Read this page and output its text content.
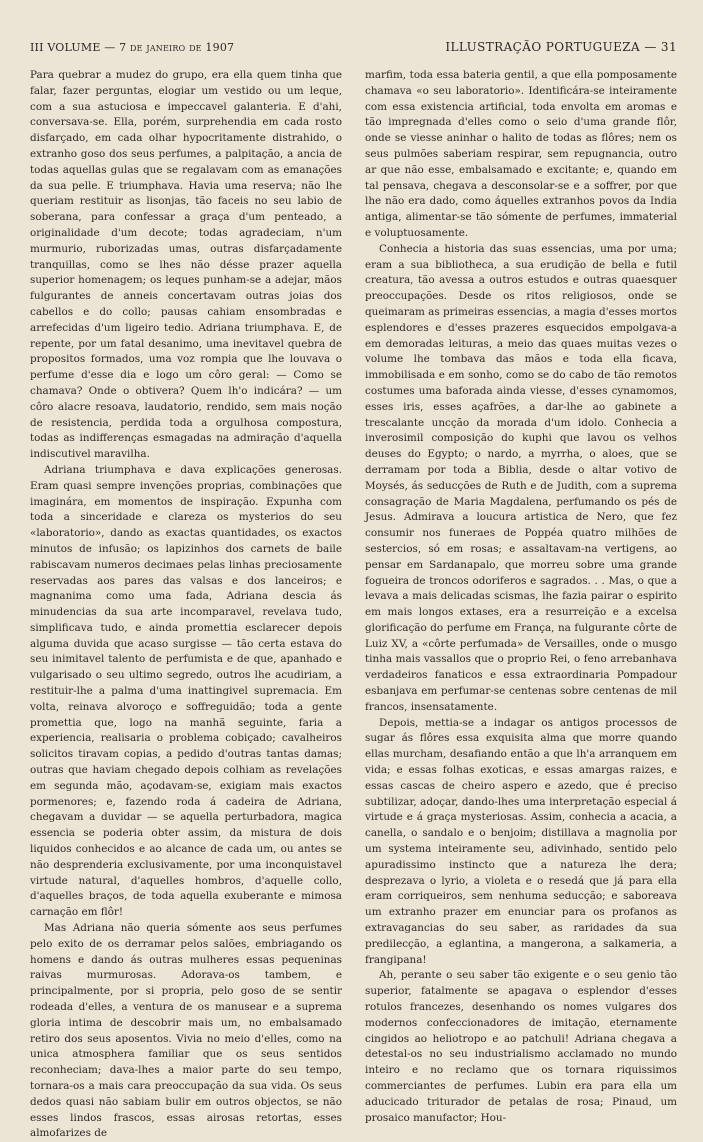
III VOLUME — 7 de janeiro de 1907	ILLUSTRAÇÃO PORTUGUEZA — 31

Para quebrar a mudez do grupo, era ella quem tinha que falar, fazer perguntas, elogiar um vestido ou um leque, com a sua astuciosa e impeccavel galanteria. E d'ahi, conversava-se. Ella, porém, surprehendia em cada rosto disfarçado, em cada olhar hypocritamente distrahido, o extranho goso dos seus perfumes, a palpitação, a ancia de todas aquellas gulas que se regalavam com as emanações da sua pelle. E triumphava. Havia uma reserva; não lhe queriam restituir as lisonjas, tão faceis no seu labio de soberana, para confessar a graça d'um penteado, a originalidade d'um decote; todas agradeciam, n'um murmurio, ruborizadas umas, outras disfarçadamente tranquillas, como se lhes não désse prazer aquella superior homenagem; os leques punham-se a adejar, mãos fulgurantes de anneis concertavam outras joias dos cabellos e do collo; pausas cahiam ensombradas e arrefecidas d'um ligeiro tedio. Adriana triumphava. E, de repente, por um fatal desanimo, uma inevitavel quebra de propositos formados, uma voz rompia que lhe louvava o perfume d'esse dia e logo um côro geral: — Como se chamava? Onde o obtivera? Quem lh'o indicára? — um côro alacre resoava, laudatorio, rendido, sem mais noção de resistencia, perdida toda a orgulhosa compostura, todas as indifferenças esmagadas na admiração d'aquella indiscutivel maravilha.

Adriana triumphava e dava explicações generosas. Eram quasi sempre invenções proprias, combinações que imaginára, em momentos de inspiração. Expunha com toda a sinceridade e clareza os mysterios do seu «laboratorio», dando as exactas quantidades, os exactos minutos de infusão; os lapizinhos dos carnets de baile rabiscavam numeros decimaes pelas linhas preciosamente reservadas aos pares das valsas e dos lanceiros; e magnanima como uma fada, Adriana descia ás minudencias da sua arte incomparavel, revelava tudo, simplificava tudo, e ainda promettia esclarecer depois alguma duvida que acaso surgisse — tão certa estava do seu inimitavel talento de perfumista e de que, apanhado e vulgarisado o seu ultimo segredo, outros lhe acudiriam, a restituir-lhe a palma d'uma inattingivel supremacia. Em volta, reinava alvoroço e soffreguidão; toda a gente promettia que, logo na manhã seguinte, faria a experiencia, realisaria o problema cobiçado; cavalheiros solicitos tiravam copias, a pedido d'outras tantas damas; outras que haviam chegado depois colhiam as revelações em segunda mão, açodavam-se, exigiam mais exactos pormenores; e, fazendo roda á cadeira de Adriana, chegavam a duvidar — se aquella perturbadora, magica essencia se poderia obter assim, da mistura de dois liquidos conhecidos e ao alcance de cada um, ou antes se não desprenderia exclusivamente, por uma inconquistavel virtude natural, d'aquelles hombros, d'aquelle collo, d'aquelles braços, de toda aquella exuberante e mimosa carnação em flôr!

Mas Adriana não queria sómente aos seus perfumes pelo exito de os derramar pelos salões, embriagando os homens e dando ás outras mulheres essas pequeninas raivas murmurosas. Adorava-os tambem, e principalmente, por si propria, pelo goso de se sentir rodeada d'elles, a ventura de os manusear e a suprema gloria intima de descobrir mais um, no embalsamado retiro dos seus aposentos. Vivia no meio d'elles, como na unica atmosphera familiar que os seus sentidos reconheciam; dava-lhes a maior parte do seu tempo, tornara-os a mais cara preoccupação da sua vida. Os seus dedos quasi não sabiam bulir em outros objectos, se não esses lindos frascos, essas airosas retortas, esses almofarizes de

marfim, toda essa bateria gentil, a que ella pomposamente chamava «o seu laboratorio». Identificára-se inteiramente com essa existencia artificial, toda envolta em aromas e tão impregnada d'elles como o seio d'uma grande flôr, onde se viesse aninhar o halito de todas as flôres; nem os seus pulmões saberiam respirar, sem repugnancia, outro ar que não esse, embalsamado e excitante; e, quando em tal pensava, chegava a desconsolar-se e a soffrer, por que lhe não era dado, como áquelles extranhos povos da India antiga, alimentar-se tão sómente de perfumes, immaterial e voluptuosamente.

Conhecia a historia das suas essencias, uma por uma; eram a sua bibliotheca, a sua erudição de bella e futil creatura, tão avessa a outros estudos e outras quaesquer preoccupações. Desde os ritos religiosos, onde se queimaram as primeiras essencias, a magia d'esses mortos esplendores e d'esses prazeres esquecidos empolgava-a em demoradas leituras, a meio das quaes muitas vezes o volume lhe tombava das mãos e toda ella ficava, immobilisada e em sonho, como se do cabo de tão remotos costumes uma baforada ainda viesse, d'esses cynamomos, esses iris, esses açafrões, a dar-lhe ao gabinete a trescalante uncção da morada d'um idolo. Conhecia a inverosimil composição do kuphi que lavou os velhos deuses do Egypto; o nardo, a myrrha, o aloes, que se derramam por toda a Biblia, desde o altar votivo de Moysés, ás seducções de Ruth e de Judith, com a suprema consagração de Maria Magdalena, perfumando os pés de Jesus. Admirava a loucura artistica de Nero, que fez consumir nos funeraes de Poppéa quatro milhões de sestercios, só em rosas; e assaltavam-na vertigens, ao pensar em Sardanapalo, que morreu sobre uma grande fogueira de troncos odoriferos e sagrados. . . Mas, o que a levava a mais delicadas scismas, lhe fazia pairar o espirito em mais longos extases, era a resurreição e a excelsa glorificação do perfume em França, na fulgurante côrte de Luiz XV, a «côrte perfumada» de Versailles, onde o musgo tinha mais vassallos que o proprio Rei, o feno arrebanhava verdadeiros fanaticos e essa extraordinaria Pompadour esbanjava em perfumar-se centenas sobre centenas de mil francos, insensatamente.

Depois, mettia-se a indagar os antigos processos de sugar ás flôres essa exquisita alma que morre quando ellas murcham, desafiando então a que lh'a arranquem em vida; e essas folhas exoticas, e essas amargas raizes, e essas cascas de cheiro aspero e azedo, que é preciso subtilizar, adoçar, dando-lhes uma interpretação especial á virtude e á graça mysteriosas. Assim, conhecia a acacia, a canella, o sandalo e o benjoim; distillava a magnolia por um systema inteiramente seu, adivinhado, sentido pelo apuradissimo instincto que a natureza lhe dera; desprezava o lyrio, a violeta e o resedá que já para ella eram corriqueiros, sem nenhuma seducção; e saboreava um extranho prazer em enunciar para os profanos as extravagancias do seu saber, as raridades da sua predilecção, a eglantina, a mangerona, a salkameria, a frangipana!

Ah, perante o seu saber tão exigente e o seu genio tão superior, fatalmente se apagava o esplendor d'esses rotulos francezes, desenhando os nomes vulgares dos modernos confeccionadores de imitação, eternamente cingidos ao heliotropo e ao patchuli! Adriana chegava a detestal-os no seu industrialismo acclamado no mundo inteiro e no reclamo que os tornara riquissimos commerciantes de perfumes. Lubin era para ella um aducicado triturador de petalas de rosa; Pinaud, um prosaico manufactor; Hou-
